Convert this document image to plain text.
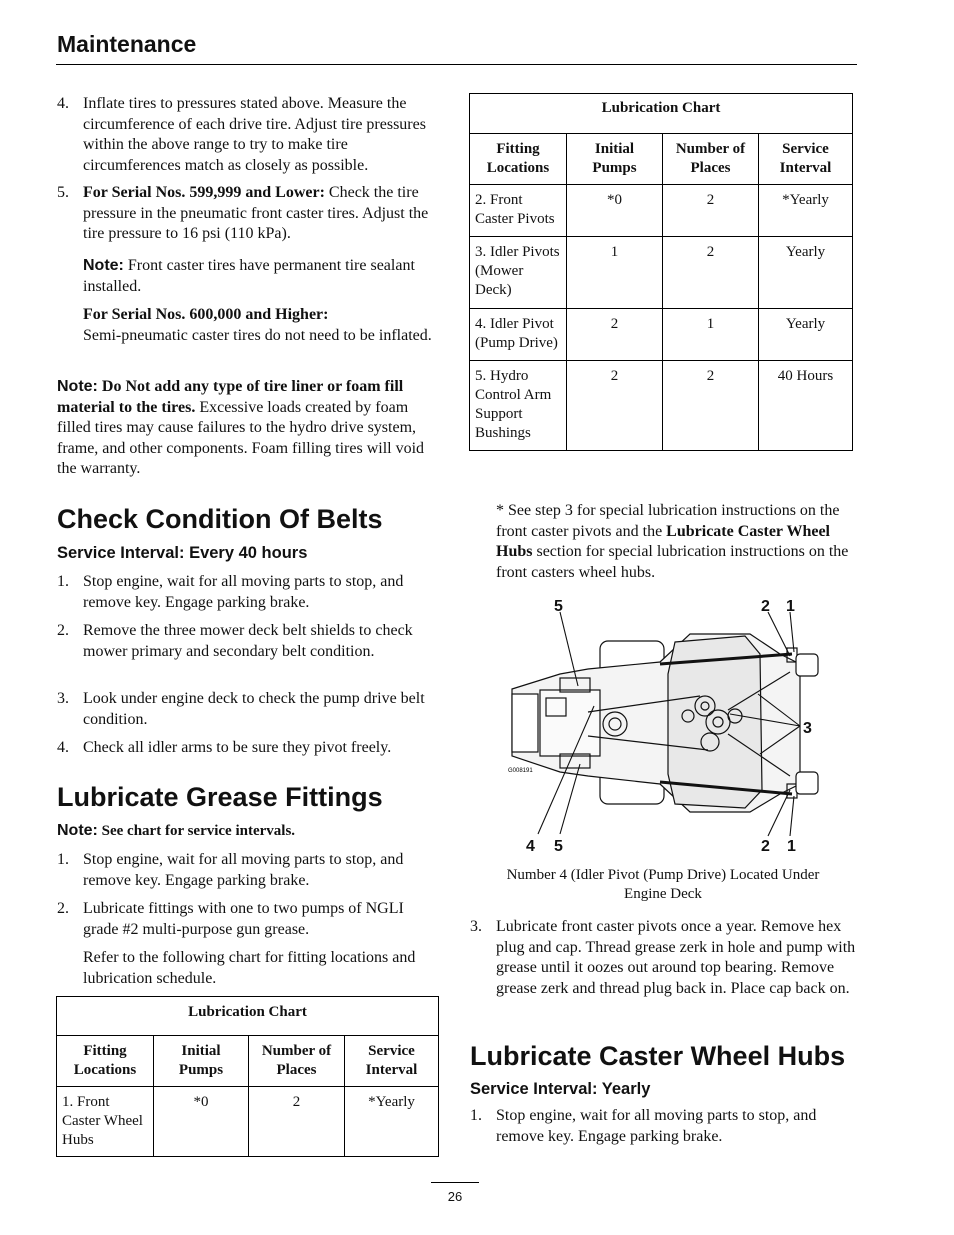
Maintenance
4. Inflate tires to pressures stated above. Measure the circumference of each drive tire. Adjust tire pressures within the above range to try to make tire circumferences match as closely as possible.
5. For Serial Nos. 599,999 and Lower: Check the tire pressure in the pneumatic front caster tires. Adjust the tire pressure to 16 psi (110 kPa).
Note: Front caster tires have permanent tire sealant installed.
For Serial Nos. 600,000 and Higher:
Semi-pneumatic caster tires do not need to be inflated.
Note: Do Not add any type of tire liner or foam fill material to the tires. Excessive loads created by foam filled tires may cause failures to the hydro drive system, frame, and other components. Foam filling tires will void the warranty.
Check Condition Of Belts
Service Interval: Every 40 hours
1. Stop engine, wait for all moving parts to stop, and remove key. Engage parking brake.
2. Remove the three mower deck belt shields to check mower primary and secondary belt condition.
3. Look under engine deck to check the pump drive belt condition.
4. Check all idler arms to be sure they pivot freely.
Lubricate Grease Fittings
Note: See chart for service intervals.
1. Stop engine, wait for all moving parts to stop, and remove key. Engage parking brake.
2. Lubricate fittings with one to two pumps of NGLI grade #2 multi-purpose gun grease.
Refer to the following chart for fitting locations and lubrication schedule.
Lubrication Chart			
Fitting Locations	Initial Pumps	Number of Places	Service Interval
1. Front Caster Wheel Hubs	*0	2	*Yearly
Lubrication Chart			
Fitting Locations	Initial Pumps	Number of Places	Service Interval
2. Front Caster Pivots	*0	2	*Yearly
3. Idler Pivots (Mower Deck)	1	2	Yearly
4. Idler Pivot (Pump Drive)	2	1	Yearly
5. Hydro Control Arm Support Bushings	2	2	40 Hours
* See step 3 for special lubrication instructions on the front caster pivots and the Lubricate Caster Wheel Hubs section for special lubrication instructions on the front casters wheel hubs.
G008191
5	2 1
3
4 5	2 1
Number 4 (Idler Pivot (Pump Drive) Located Under Engine Deck
3. Lubricate front caster pivots once a year. Remove hex plug and cap. Thread grease zerk in hole and pump with grease until it oozes out around top bearing. Remove grease zerk and thread plug back in. Place cap back on.
Lubricate Caster Wheel Hubs
Service Interval: Yearly
1. Stop engine, wait for all moving parts to stop, and remove key. Engage parking brake.
26
